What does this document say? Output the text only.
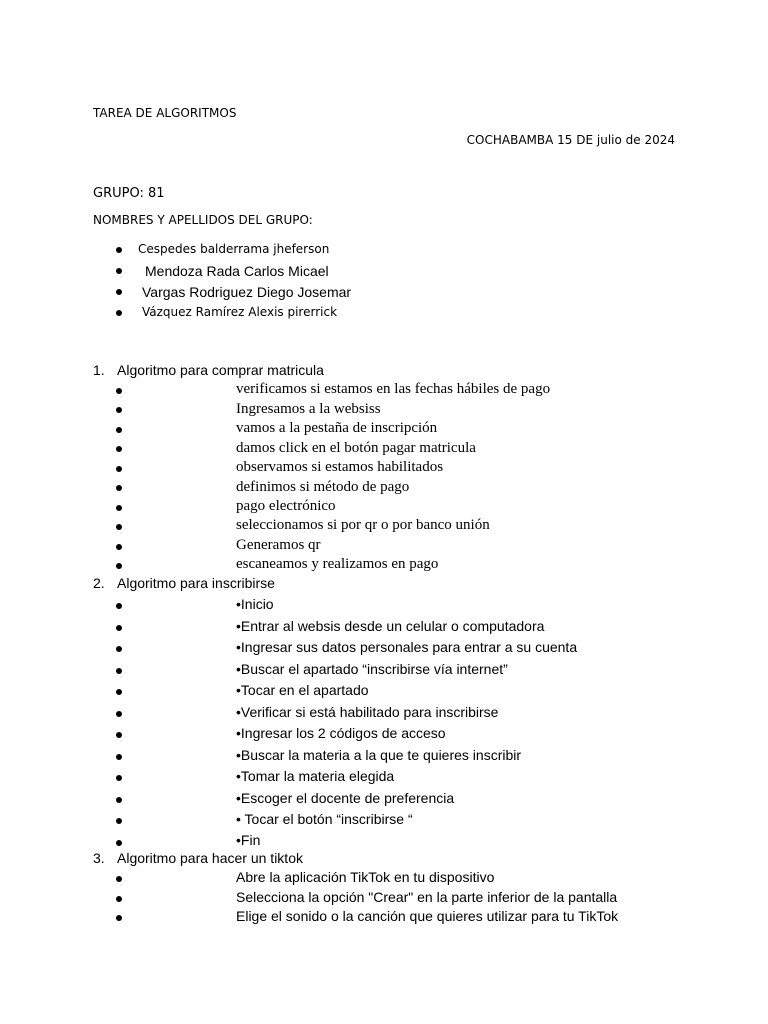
TAREA DE ALGORITMOS
COCHABAMBA 15 DE julio de 2024
GRUPO: 81
NOMBRES Y APELLIDOS DEL GRUPO:
Cespedes balderrama jheferson
Mendoza Rada Carlos Micael
Vargas Rodriguez Diego Josemar
Vázquez Ramírez Alexis pirerrick
1. Algoritmo para comprar matricula
verificamos si estamos en las fechas hábiles de pago
Ingresamos a la websiss
vamos a la pestaña de inscripción
damos click en el botón pagar matricula
observamos si estamos habilitados
definimos si método de pago
pago electrónico
seleccionamos si por qr o por banco unión
Generamos qr
escaneamos y realizamos en pago
2. Algoritmo para inscribirse
•Inicio
•Entrar al websis desde un celular o computadora
•Ingresar sus datos personales para entrar a su cuenta
•Buscar el apartado “inscribirse vía internet”
•Tocar en el apartado
•Verificar si está habilitado para inscribirse
•Ingresar los 2 códigos de acceso
•Buscar la materia a la que te quieres inscribir
•Tomar la materia elegida
•Escoger el docente de preferencia
• Tocar el botón “inscribirse “
•Fin
3. Algoritmo para hacer un tiktok
Abre la aplicación TikTok en tu dispositivo
Selecciona la opción "Crear" en la parte inferior de la pantalla
Elige el sonido o la canción que quieres utilizar para tu TikTok
